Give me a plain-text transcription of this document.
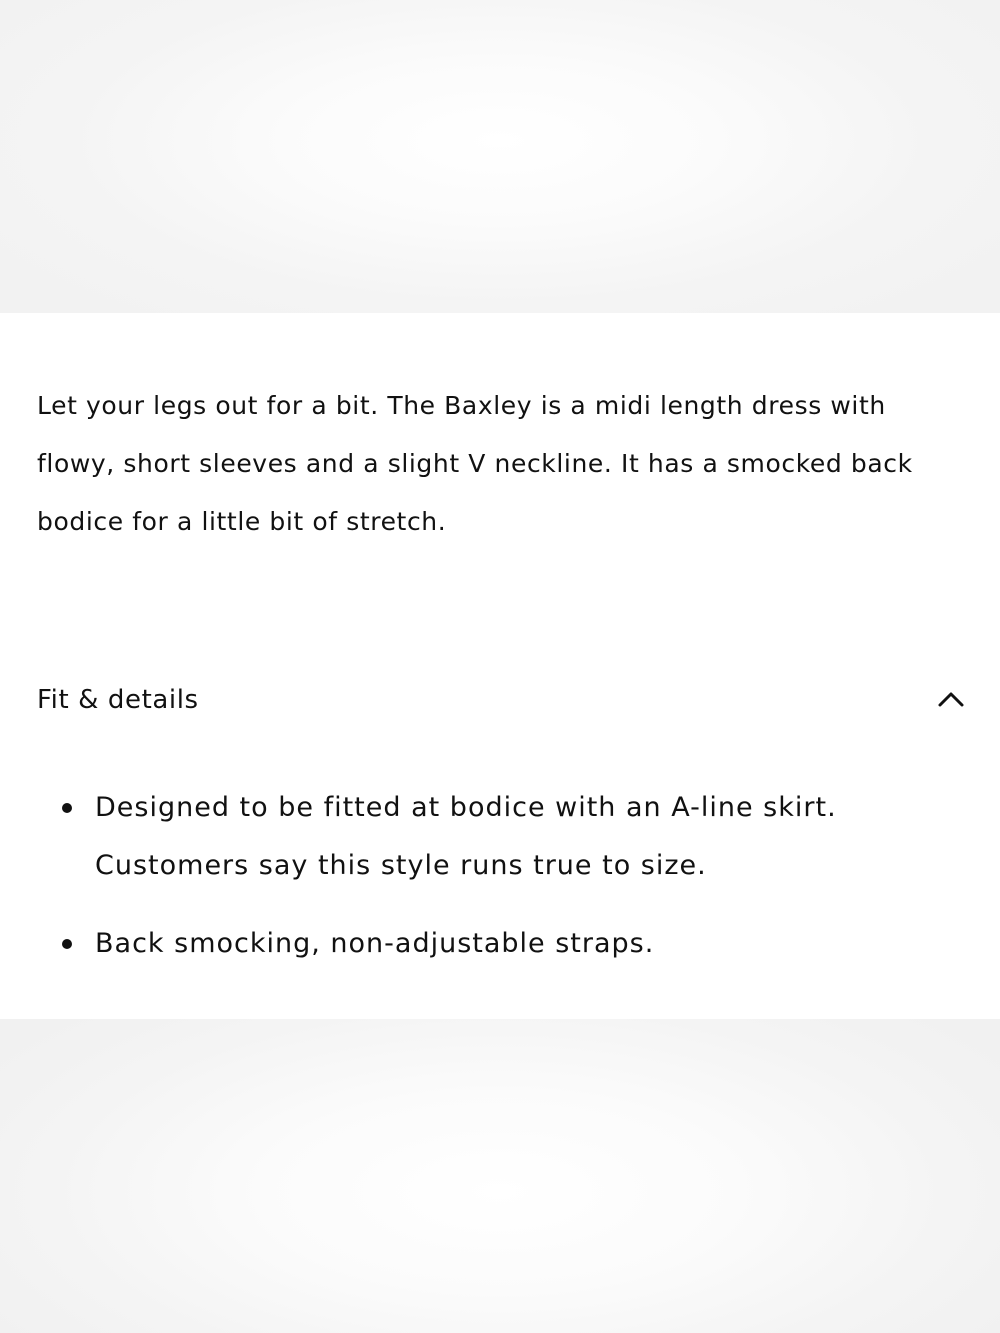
Let your legs out for a bit. The Baxley is a midi length dress with flowy, short sleeves and a slight V neckline. It has a smocked back bodice for a little bit of stretch.

Fit & details
Designed to be fitted at bodice with an A-line skirt. Customers say this style runs true to size.
Back smocking, non-adjustable straps.
